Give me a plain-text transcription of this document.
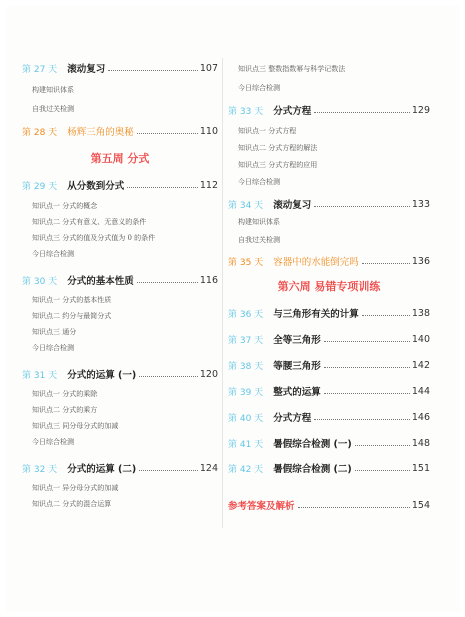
第 27 天 滚动复习	107
构建知识体系
自我过关检测
第 28 天 杨辉三角的奥秘	110
第五周 分式
第 29 天 从分数到分式	112
知识点一 分式的概念
知识点二 分式有意义、无意义的条件
知识点三 分式的值及分式值为 0 的条件
今日综合检测
第 30 天 分式的基本性质	116
知识点一 分式的基本性质
知识点二 约分与最简分式
知识点三 通分
今日综合检测
第 31 天 分式的运算 (一)	120
知识点一 分式的乘除
知识点二 分式的乘方
知识点三 同分母分式的加减
今日综合检测
第 32 天 分式的运算 (二)	124
知识点一 异分母分式的加减
知识点二 分式的混合运算
知识点三 整数指数幂与科学记数法
今日综合检测
第 33 天 分式方程	129
知识点一 分式方程
知识点二 分式方程的解法
知识点三 分式方程的应用
今日综合检测
第 34 天 滚动复习	133
构建知识体系
自我过关检测
第 35 天 容器中的水能倒完吗	136
第六周 易错专项训练
第 36 天 与三角形有关的计算	138
第 37 天 全等三角形	140
第 38 天 等腰三角形	142
第 39 天 整式的运算	144
第 40 天 分式方程	146
第 41 天 暑假综合检测 (一)	148
第 42 天 暑假综合检测 (二)	151
参考答案及解析	154
